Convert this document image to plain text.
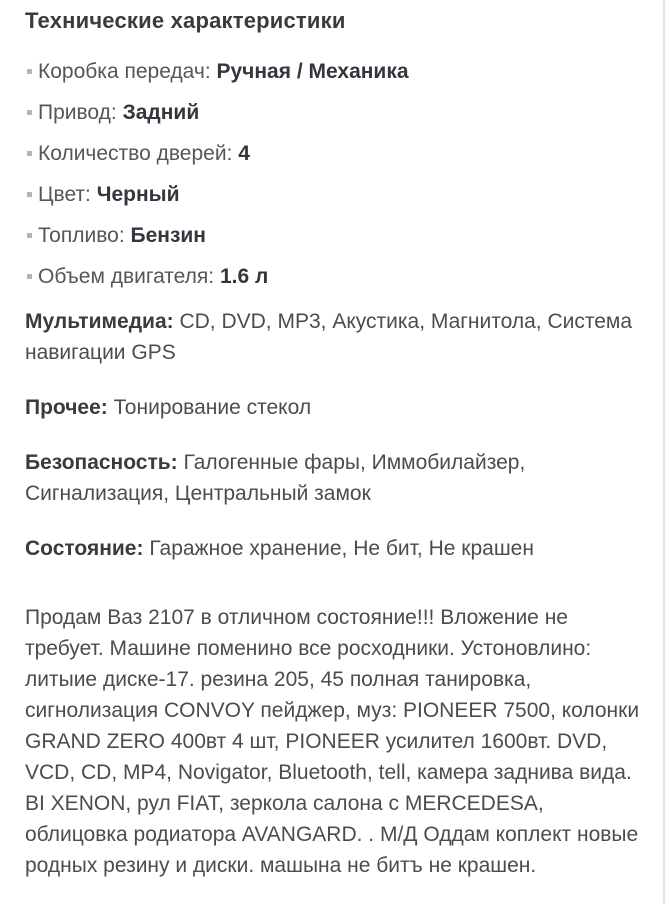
Технические характеристики
Коробка передач: Ручная / Механика
Привод: Задний
Количество дверей: 4
Цвет: Черный
Топливо: Бензин
Объем двигателя: 1.6 л

Мультимедиа: CD, DVD, MP3, Акустика, Магнитола, Система навигации GPS

Прочее: Тонирование стекол

Безопасность: Галогенные фары, Иммобилайзер, Сигнализация, Центральный замок

Состояние: Гаражное хранение, Не бит, Не крашен

Продам Ваз 2107 в отличном состояние!!! Вложение не требует. Машине поменино все росходники. Устоновлино: литыие диске-17. резина 205, 45 полная танировка, сигнолизация CONVOY пейджер, муз: PIONEER 7500, колонки GRAND ZERO 400вт 4 шт, PIONEER усилител 1600вт. DVD, VCD, CD, MP4, Novigator, Bluetooth, tell, камера заднива вида. BI XENON, рул FIAT, зеркола салона с MERCEDESA, облицовка родиатора AVANGARD. . М/Д Оддам коплект новые родных резину и диски. машына не битъ не крашен.
